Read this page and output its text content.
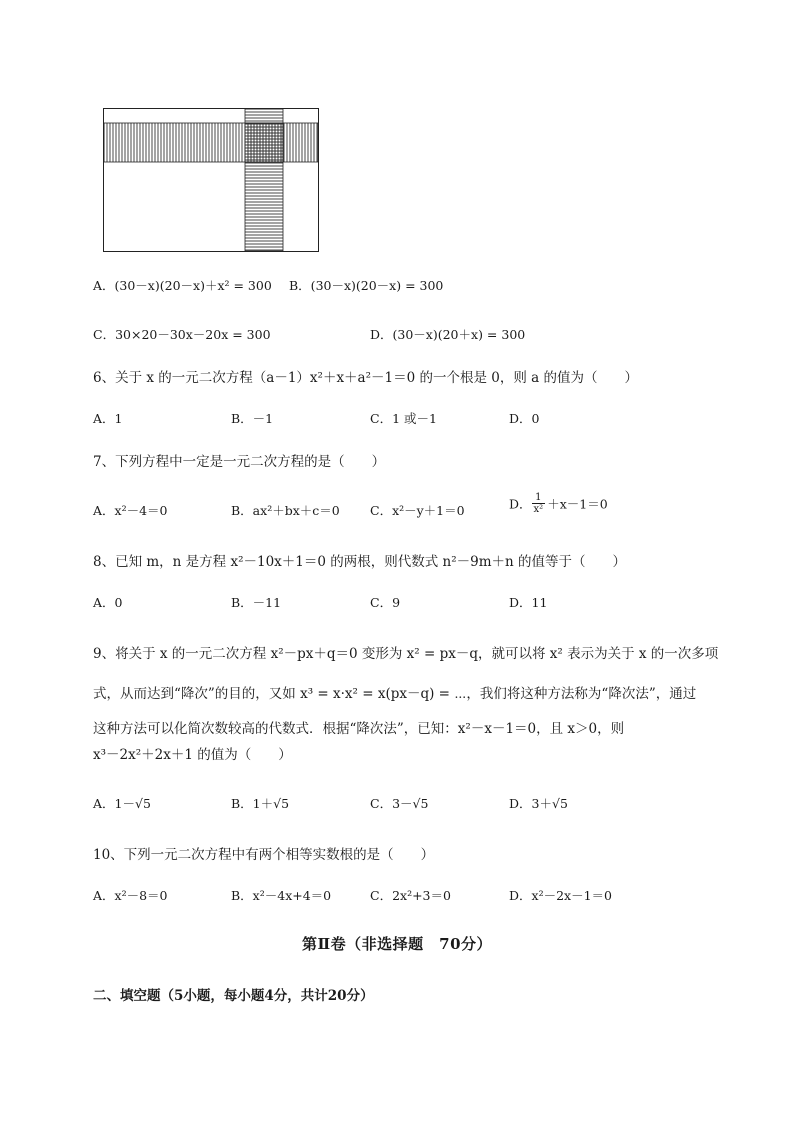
A．(30－x)(20－x)＋x² = 300 B．(30－x)(20－x) = 300
C．30×20－30x－20x = 300	D．(30－x)(20＋x) = 300
6、关于 x 的一元二次方程（a－1）x²＋x＋a²－1＝0 的一个根是 0，则 a 的值为（　　）
A．1	B．－1	C．1 或－1	D．0
7、下列方程中一定是一元二次方程的是（　　）
A．x²－4＝0	B．ax²＋bx＋c＝0 C．x²－y＋1＝0	D． $\frac{1}{\text{x²}} +x-1=0$
8、已知 m，n 是方程 x²－10x＋1＝0 的两根，则代数式 n²－9m＋n 的值等于（　　）
A．0	B．－11	C．9	D．11
9、将关于 x 的一元二次方程 x²－px＋q＝0 变形为 x² = px－q，就可以将 x² 表示为关于 x 的一次多项
式，从而达到“降次”的目的，又如 x³ = x·x² = x(px－q) = ⋯，我们将这种方法称为“降次法”，通过
这种方法可以化简次数较高的代数式．根据“降次法”，已知：x²－x－1＝0，且 x＞0，则
x³－2x²＋2x＋1 的值为（　　）
A．1－√5	B．1＋√5	C．3－√5	D．3＋√5
10、下列一元二次方程中有两个相等实数根的是（　　）
A．x²－8＝0	B．x²－4x+4＝0	C．2x²+3＝0	D．x²－2x－1＝0
第Ⅱ卷（非选择题　70分）
二、填空题（5小题，每小题4分，共计20分）
